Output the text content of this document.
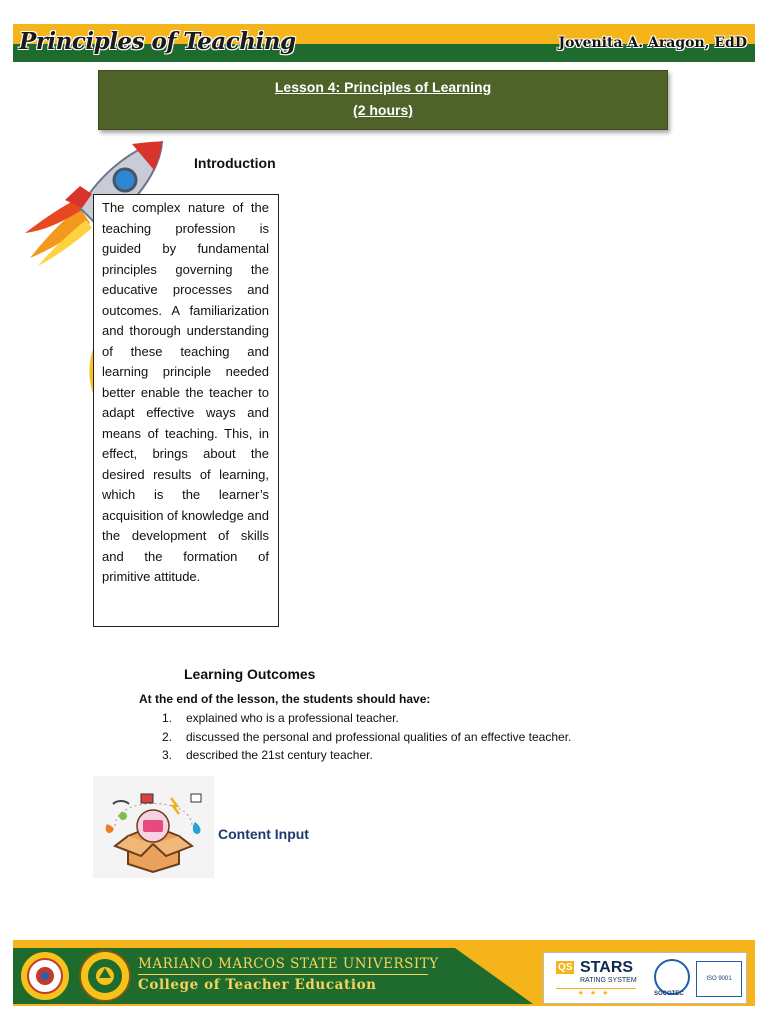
Principles of Teaching	Jovenita A. Aragon, EdD
Lesson 4: Principles of Learning
(2 hours)
Introduction

The complex nature of the teaching profession is guided by fundamental principles governing the educative processes and outcomes. A familiarization and thorough understanding of these teaching and learning principle needed better enable the teacher to adapt effective ways and means of teaching. This, in effect, brings about the desired results of learning, which is the learner’s acquisition of knowledge and the development of skills and the formation of primitive attitude.

Learning Outcomes
At the end of the lesson, the students should have:
1.	explained who is a professional teacher.
2.	discussed the personal and professional qualities of an effective teacher.
3.	described the 21st century teacher.
Content Input
MARIANO MARCOS STATE UNIVERSITY
College of Teacher Education
QS STARS
RATING SYSTEM
★★★	SOCOTEC
ISO 9001
